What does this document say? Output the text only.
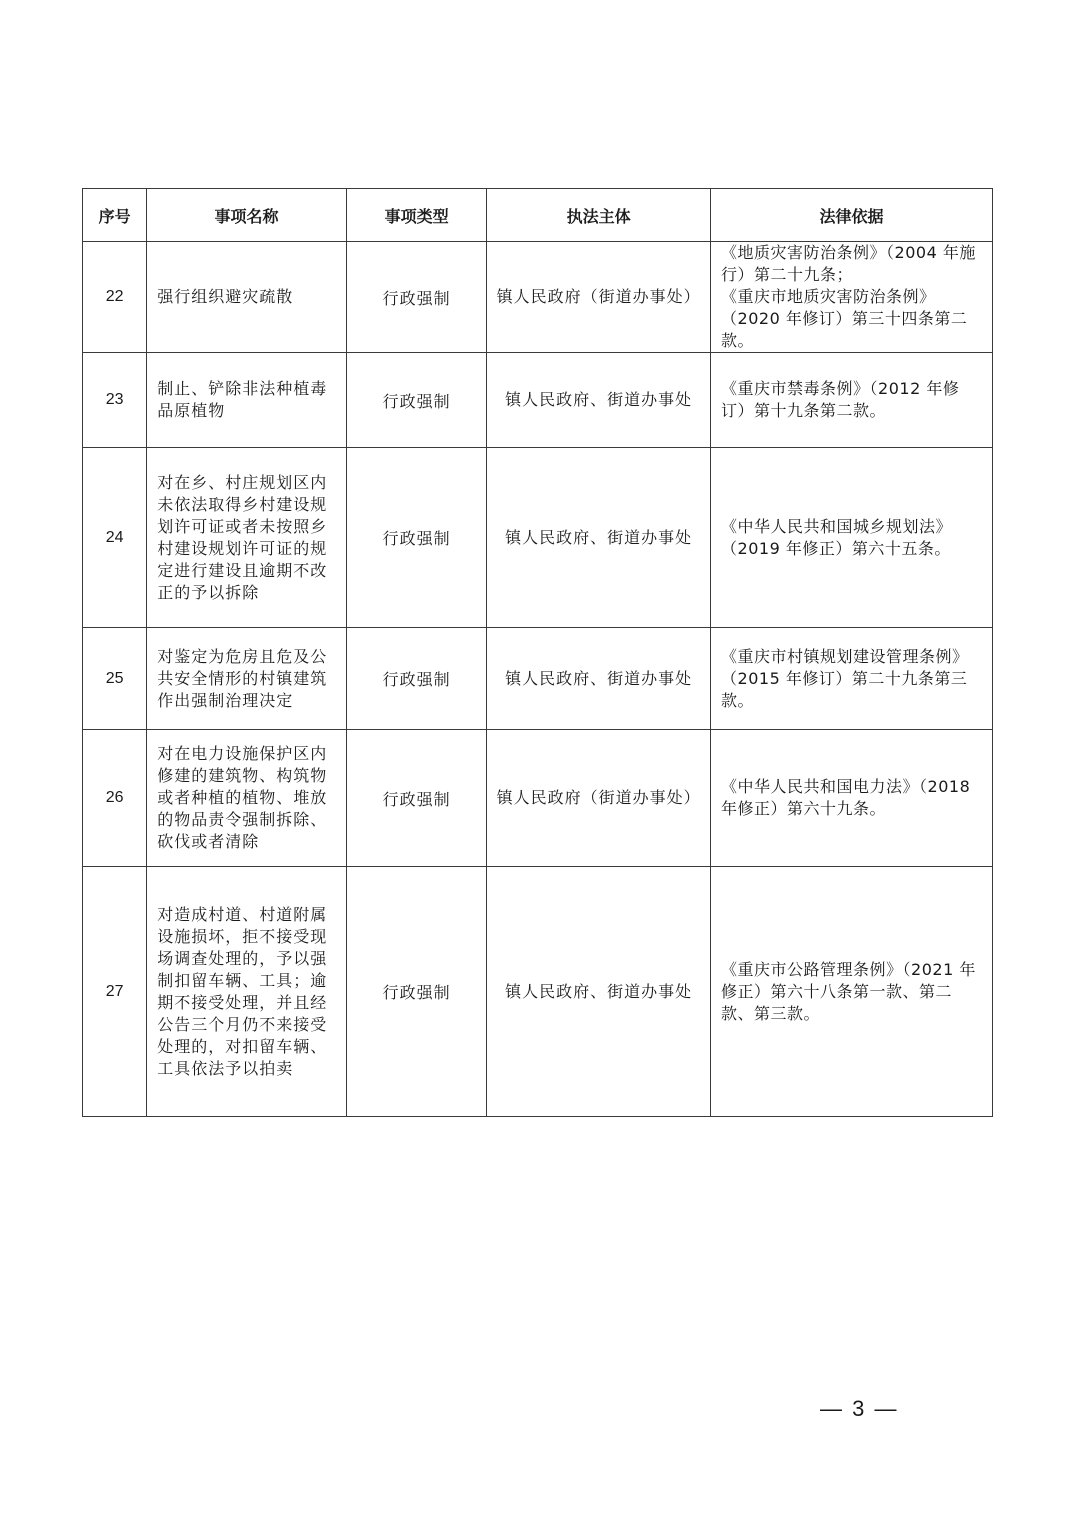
序号	事项名称	事项类型	执法主体	法律依据
22	强行组织避灾疏散	行政强制	镇人民政府（街道办事处）	《地质灾害防治条例》（2004 年施行）第二十九条；
《重庆市地质灾害防治条例》（2020 年修订）第三十四条第二款。

23	制止、铲除非法种植毒品原植物	行政强制	镇人民政府、街道办事处	《重庆市禁毒条例》（2012 年修订）第十九条第二款。

24	对在乡、村庄规划区内未依法取得乡村建设规划许可证或者未按照乡村建设规划许可证的规定进行建设且逾期不改正的予以拆除	行政强制	镇人民政府、街道办事处	《中华人民共和国城乡规划法》（2019 年修正）第六十五条。

25	对鉴定为危房且危及公共安全情形的村镇建筑作出强制治理决定	行政强制	镇人民政府、街道办事处	《重庆市村镇规划建设管理条例》（2015 年修订）第二十九条第三款。

26	对在电力设施保护区内修建的建筑物、构筑物或者种植的植物、堆放的物品责令强制拆除、砍伐或者清除	行政强制	镇人民政府（街道办事处）	《中华人民共和国电力法》（2018 年修正）第六十九条。

27	对造成村道、村道附属设施损坏，拒不接受现场调查处理的，予以强制扣留车辆、工具；逾期不接受处理，并且经公告三个月仍不来接受处理的，对扣留车辆、工具依法予以拍卖	行政强制	镇人民政府、街道办事处	《重庆市公路管理条例》（2021 年修正）第六十八条第一款、第二款、第三款。
— 3 —
